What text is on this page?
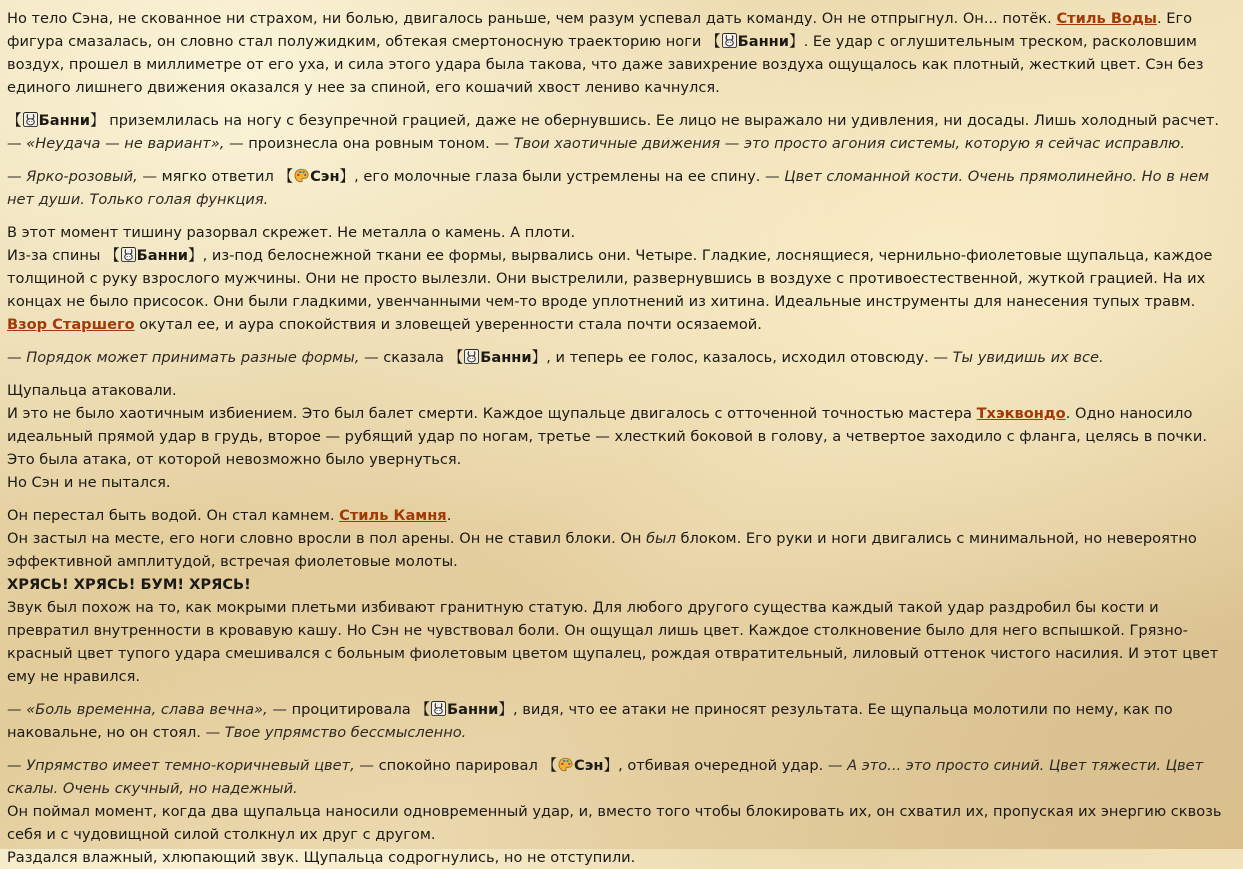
Но тело Сэна, не скованное ни страхом, ни болью, двигалось раньше, чем разум успевал дать команду. Он не отпрыгнул. Он... потёк. Стиль Воды. Его фигура смазалась, он словно стал полужидким, обтекая смертоносную траекторию ноги 【 Банни】. Ее удар с оглушительным треском, расколовшим воздух, прошел в миллиметре от его уха, и сила этого удара была такова, что даже завихрение воздуха ощущалось как плотный, жесткий цвет. Сэн без единого лишнего движения оказался у нее за спиной, его кошачий хвост лениво качнулся.

【 Банни】 приземлилась на ногу с безупречной грацией, даже не обернувшись. Ее лицо не выражало ни удивления, ни досады. Лишь холодный расчет.
— «Неудача — не вариант», — произнесла она ровным тоном. — Твои хаотичные движения — это просто агония системы, которую я сейчас исправлю.

— Ярко-розовый, — мягко ответил 【 Сэн】, его молочные глаза были устремлены на ее спину. — Цвет сломанной кости. Очень прямолинейно. Но в нем нет души. Только голая функция.

В этот момент тишину разорвал скрежет. Не металла о камень. А плоти.
Из-за спины 【 Банни】, из-под белоснежной ткани ее формы, вырвались они. Четыре. Гладкие, лоснящиеся, чернильно-фиолетовые щупальца, каждое толщиной с руку взрослого мужчины. Они не просто вылезли. Они выстрелили, развернувшись в воздухе с противоестественной, жуткой грацией. На их концах не было присосок. Они были гладкими, увенчанными чем-то вроде уплотнений из хитина. Идеальные инструменты для нанесения тупых травм.
Взор Старшего окутал ее, и аура спокойствия и зловещей уверенности стала почти осязаемой.

— Порядок может принимать разные формы, — сказала 【 Банни】, и теперь ее голос, казалось, исходил отовсюду. — Ты увидишь их все.

Щупальца атаковали.
И это не было хаотичным избиением. Это был балет смерти. Каждое щупальце двигалось с отточенной точностью мастера Тхэквондо. Одно наносило идеальный прямой удар в грудь, второе — рубящий удар по ногам, третье — хлесткий боковой в голову, а четвертое заходило с фланга, целясь в почки. Это была атака, от которой невозможно было увернуться.
Но Сэн и не пытался.

Он перестал быть водой. Он стал камнем. Стиль Камня.
Он застыл на месте, его ноги словно вросли в пол арены. Он не ставил блоки. Он был блоком. Его руки и ноги двигались с минимальной, но невероятно эффективной амплитудой, встречая фиолетовые молоты.
ХРЯСЬ! ХРЯСЬ! БУМ! ХРЯСЬ!
Звук был похож на то, как мокрыми плетьми избивают гранитную статую. Для любого другого существа каждый такой удар раздробил бы кости и превратил внутренности в кровавую кашу. Но Сэн не чувствовал боли. Он ощущал лишь цвет. Каждое столкновение было для него вспышкой. Грязно-красный цвет тупого удара смешивался с больным фиолетовым цветом щупалец, рождая отвратительный, лиловый оттенок чистого насилия. И этот цвет ему не нравился.

— «Боль временна, слава вечна», — процитировала 【 Банни】, видя, что ее атаки не приносят результата. Ее щупальца молотили по нему, как по наковальне, но он стоял. — Твое упрямство бессмысленно.

— Упрямство имеет темно-коричневый цвет, — спокойно парировал 【 Сэн】, отбивая очередной удар. — А это... это просто синий. Цвет тяжести. Цвет скалы. Очень скучный, но надежный.
Он поймал момент, когда два щупальца наносили одновременный удар, и, вместо того чтобы блокировать их, он схватил их, пропуская их энергию сквозь себя и с чудовищной силой столкнул их друг с другом.
Раздался влажный, хлюпающий звук. Щупальца содрогнулись, но не отступили.
